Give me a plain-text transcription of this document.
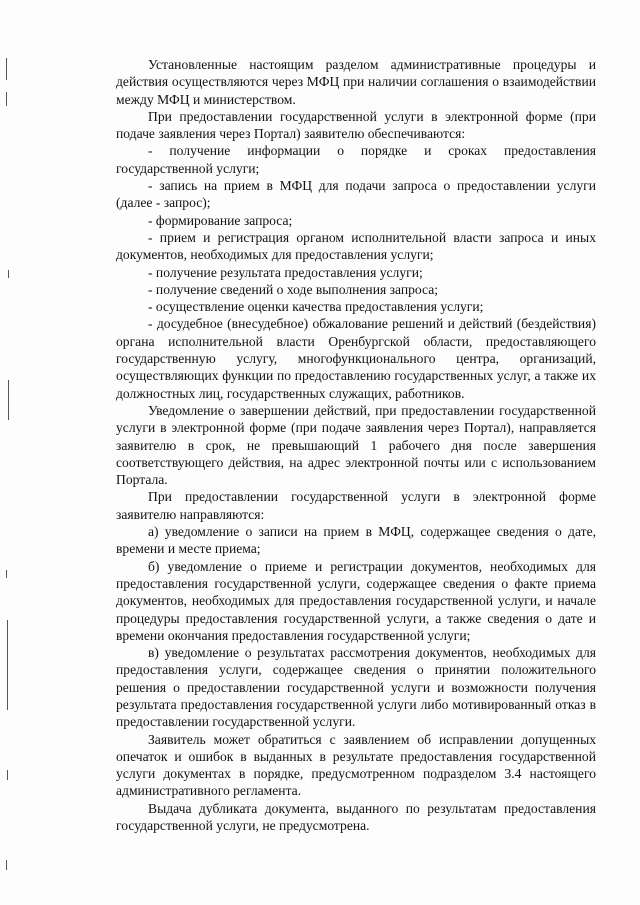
Установленные настоящим разделом административные процедуры и действия осуществляются через МФЦ при наличии соглашения о взаимодействии между МФЦ и министерством.

При предоставлении государственной услуги в электронной форме (при подаче заявления через Портал) заявителю обеспечиваются:

- получение информации о порядке и сроках предоставления государственной услуги;

- запись на прием в МФЦ для подачи запроса о предоставлении услуги (далее - запрос);

- формирование запроса;

- прием и регистрация органом исполнительной власти запроса и иных документов, необходимых для предоставления услуги;

- получение результата предоставления услуги;

- получение сведений о ходе выполнения запроса;

- осуществление оценки качества предоставления услуги;

- досудебное (внесудебное) обжалование решений и действий (бездействия) органа исполнительной власти Оренбургской области, предоставляющего государственную услугу, многофункционального центра, организаций, осуществляющих функции по предоставлению государственных услуг, а также их должностных лиц, государственных служащих, работников.

Уведомление о завершении действий, при предоставлении государственной услуги в электронной форме (при подаче заявления через Портал), направляется заявителю в срок, не превышающий 1 рабочего дня после завершения соответствующего действия, на адрес электронной почты или с использованием Портала.

При предоставлении государственной услуги в электронной форме заявителю направляются:

а) уведомление о записи на прием в МФЦ, содержащее сведения о дате, времени и месте приема;

б) уведомление о приеме и регистрации документов, необходимых для предоставления государственной услуги, содержащее сведения о факте приема документов, необходимых для предоставления государственной услуги, и начале процедуры предоставления государственной услуги, а также сведения о дате и времени окончания предоставления государственной услуги;

в) уведомление о результатах рассмотрения документов, необходимых для предоставления услуги, содержащее сведения о принятии положительного решения о предоставлении государственной услуги и возможности получения результата предоставления государственной услуги либо мотивированный отказ в предоставлении государственной услуги.

Заявитель может обратиться с заявлением об исправлении допущенных опечаток и ошибок в выданных в результате предоставления государственной услуги документах в порядке, предусмотренном подразделом 3.4 настоящего административного регламента.

Выдача дубликата документа, выданного по результатам предоставления государственной услуги, не предусмотрена.
